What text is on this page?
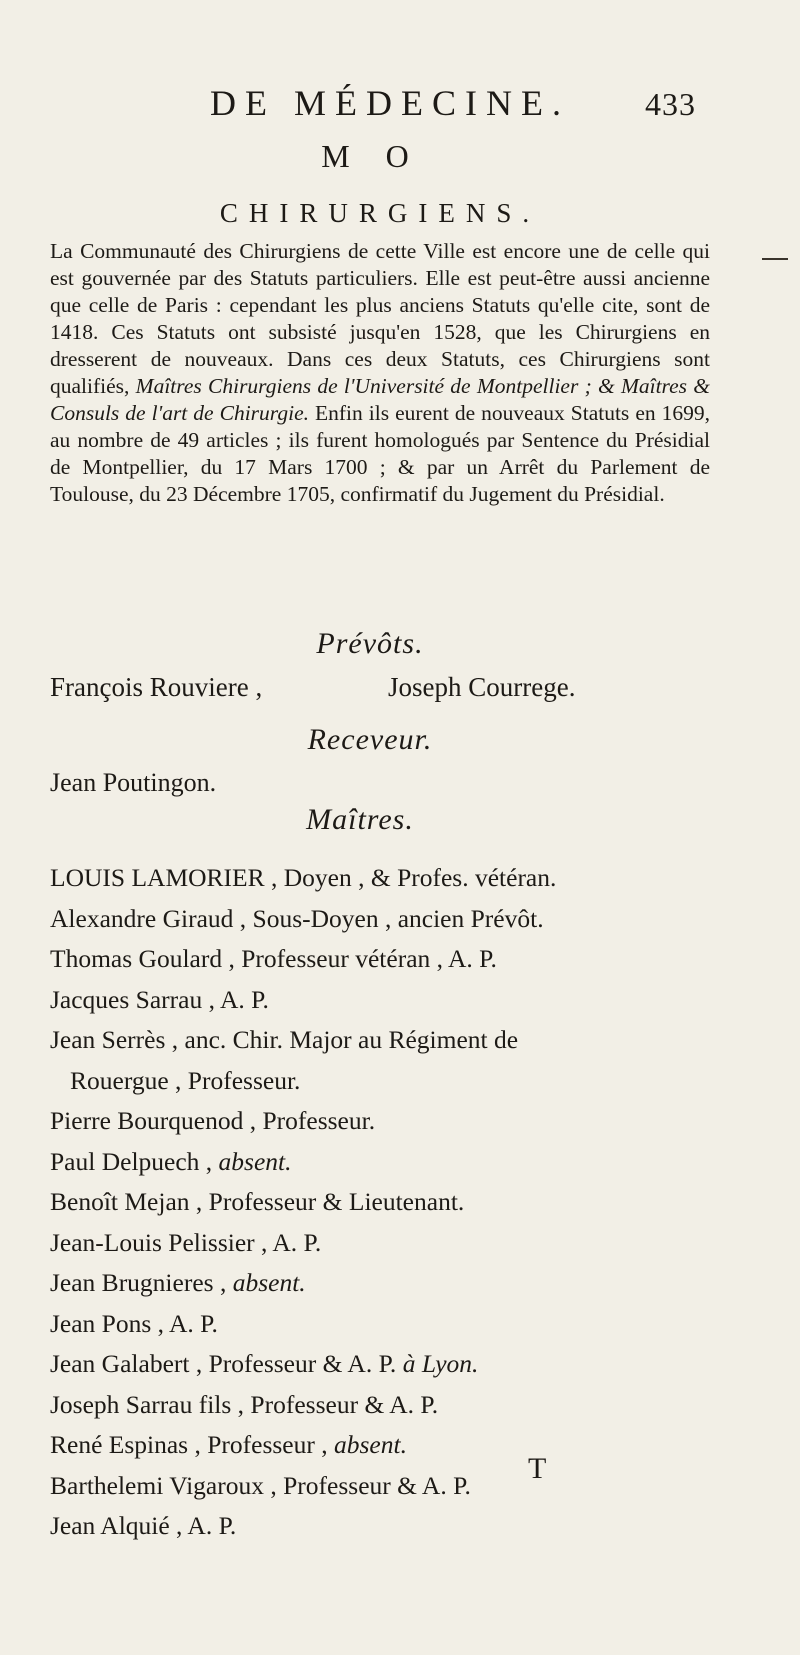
DE MÉDECINE. 433
M O
CHIRURGIENS.
La Communauté des Chirurgiens de cette Ville est encore une de celle qui est gouvernée par des Statuts particuliers. Elle est peut-être aussi ancienne que celle de Paris : cependant les plus anciens Statuts qu'elle cite, sont de 1418. Ces Statuts ont subsisté jusqu'en 1528, que les Chirurgiens en dresserent de nouveaux. Dans ces deux Statuts, ces Chirurgiens sont qualifiés, Maîtres Chirurgiens de l'Université de Montpellier ; & Maîtres & Consuls de l'art de Chirurgie. Enfin ils eurent de nouveaux Statuts en 1699, au nombre de 49 articles ; ils furent homologués par Sentence du Présidial de Montpellier, du 17 Mars 1700 ; & par un Arrêt du Parlement de Toulouse, du 23 Décembre 1705, confirmatif du Jugement du Présidial.
Prévôts.
François Rouviere ,	Joseph Courrege.
Receveur.
Jean Poutingon.
Maîtres.
LOUIS LAMORIER , Doyen , & Profes. vétéran.
Alexandre Giraud , Sous-Doyen , ancien Prévôt.
Thomas Goulard , Professeur vétéran , A. P.
Jacques Sarrau , A. P.
Jean Serrès , anc. Chir. Major au Régiment de
Rouergue , Professeur.
Pierre Bourquenod , Professeur.
Paul Delpuech , absent.
Benoît Mejan , Professeur & Lieutenant.
Jean-Louis Pelissier , A. P.
Jean Brugnieres , absent.
Jean Pons , A. P.
Jean Galabert , Professeur & A. P. à Lyon.
Joseph Sarrau fils , Professeur & A. P.
René Espinas , Professeur , absent.
Barthelemi Vigaroux , Professeur & A. P.
Jean Alquié , A. P.
T
